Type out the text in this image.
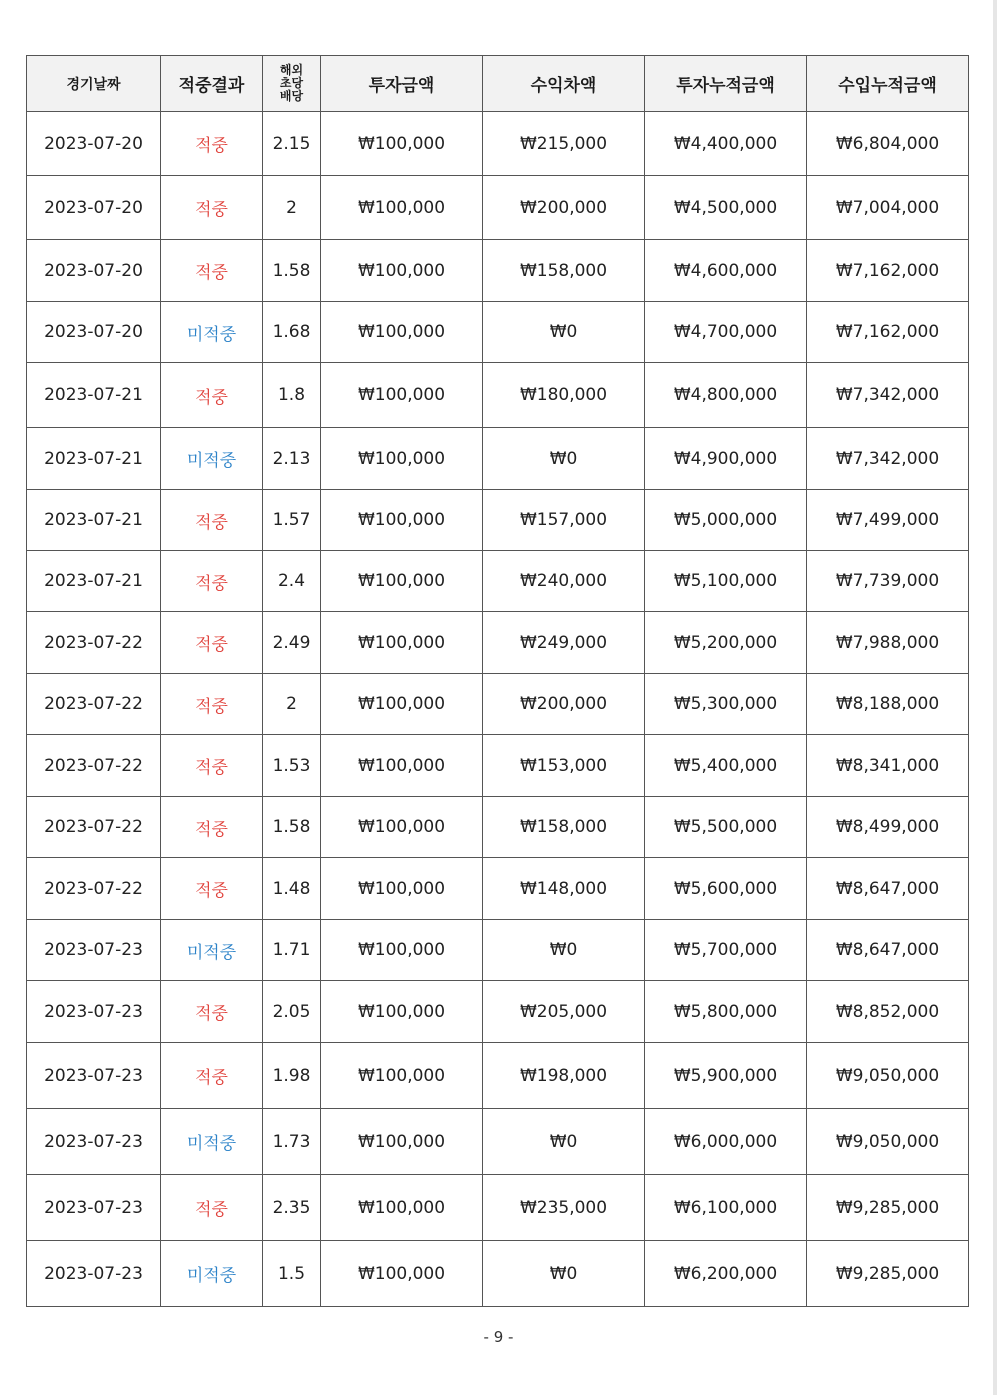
경기날짜	적중결과	해외
초당
배당	투자금액	수익차액	투자누적금액	수입누적금액
2023-07-20	적중	2.15	₩100,000	₩215,000	₩4,400,000	₩6,804,000
2023-07-20	적중	2	₩100,000	₩200,000	₩4,500,000	₩7,004,000
2023-07-20	적중	1.58	₩100,000	₩158,000	₩4,600,000	₩7,162,000
2023-07-20	미적중	1.68	₩100,000	₩0	₩4,700,000	₩7,162,000
2023-07-21	적중	1.8	₩100,000	₩180,000	₩4,800,000	₩7,342,000
2023-07-21	미적중	2.13	₩100,000	₩0	₩4,900,000	₩7,342,000
2023-07-21	적중	1.57	₩100,000	₩157,000	₩5,000,000	₩7,499,000
2023-07-21	적중	2.4	₩100,000	₩240,000	₩5,100,000	₩7,739,000
2023-07-22	적중	2.49	₩100,000	₩249,000	₩5,200,000	₩7,988,000
2023-07-22	적중	2	₩100,000	₩200,000	₩5,300,000	₩8,188,000
2023-07-22	적중	1.53	₩100,000	₩153,000	₩5,400,000	₩8,341,000
2023-07-22	적중	1.58	₩100,000	₩158,000	₩5,500,000	₩8,499,000
2023-07-22	적중	1.48	₩100,000	₩148,000	₩5,600,000	₩8,647,000
2023-07-23	미적중	1.71	₩100,000	₩0	₩5,700,000	₩8,647,000
2023-07-23	적중	2.05	₩100,000	₩205,000	₩5,800,000	₩8,852,000
2023-07-23	적중	1.98	₩100,000	₩198,000	₩5,900,000	₩9,050,000
2023-07-23	미적중	1.73	₩100,000	₩0	₩6,000,000	₩9,050,000
2023-07-23	적중	2.35	₩100,000	₩235,000	₩6,100,000	₩9,285,000
2023-07-23	미적중	1.5	₩100,000	₩0	₩6,200,000	₩9,285,000
- 9 -
